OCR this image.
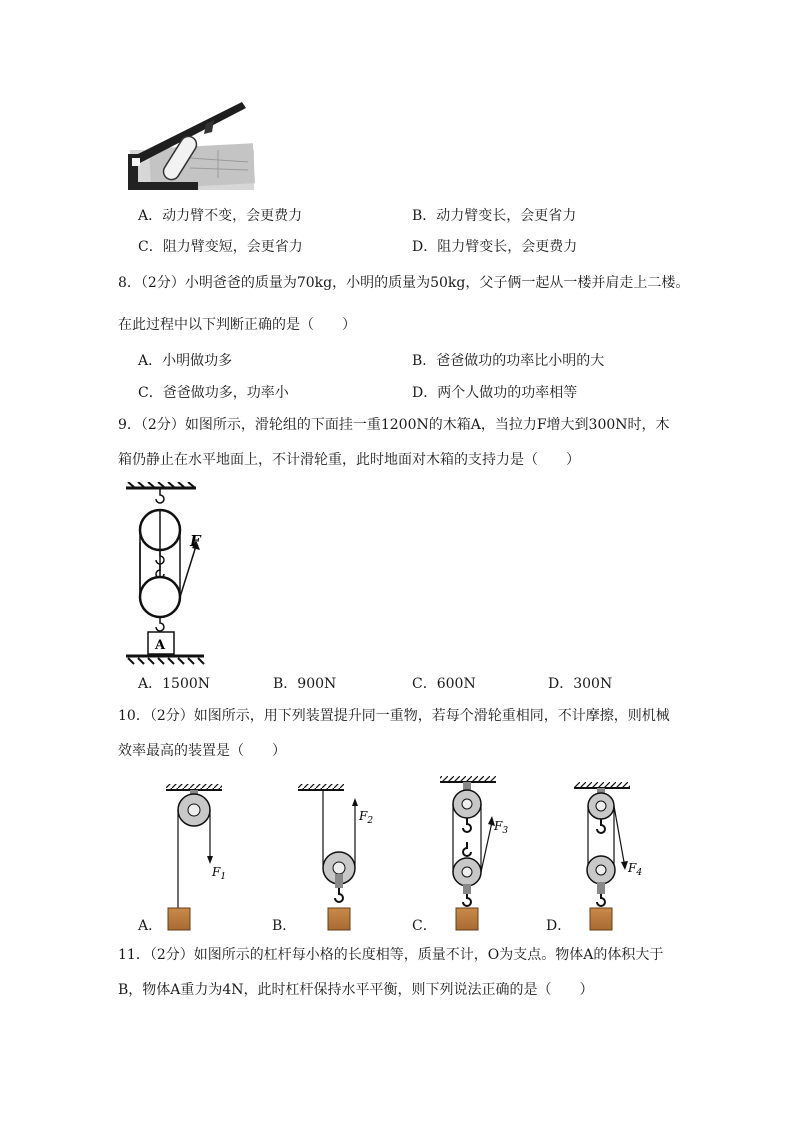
A．动力臂不变，会更费力	B．动力臂变长，会更省力
C．阻力臂变短，会更省力	D．阻力臂变长，会更费力
8．（2分）小明爸爸的质量为70kg，小明的质量为50kg，父子俩一起从一楼并肩走上二楼。
在此过程中以下判断正确的是（　　）
A．小明做功多	B．爸爸做功的功率比小明的大
C．爸爸做功多，功率小	D．两个人做功的功率相等
9．（2分）如图所示，滑轮组的下面挂一重1200N的木箱A，当拉力F增大到300N时，木
箱仍静止在水平地面上，不计滑轮重，此时地面对木箱的支持力是（　　）
F
A
A．1500N	B．900N	C．600N	D．300N
10．（2分）如图所示，用下列装置提升同一重物，若每个滑轮重相同，不计摩擦，则机械
效率最高的装置是（　　）
$F_1$
$F_2$	$F_3$
$F_4$
A．	B．	C．	D．
11．（2分）如图所示的杠杆每小格的长度相等，质量不计，O为支点。物体A的体积大于
B，物体A重力为4N，此时杠杆保持水平平衡，则下列说法正确的是（　　）
